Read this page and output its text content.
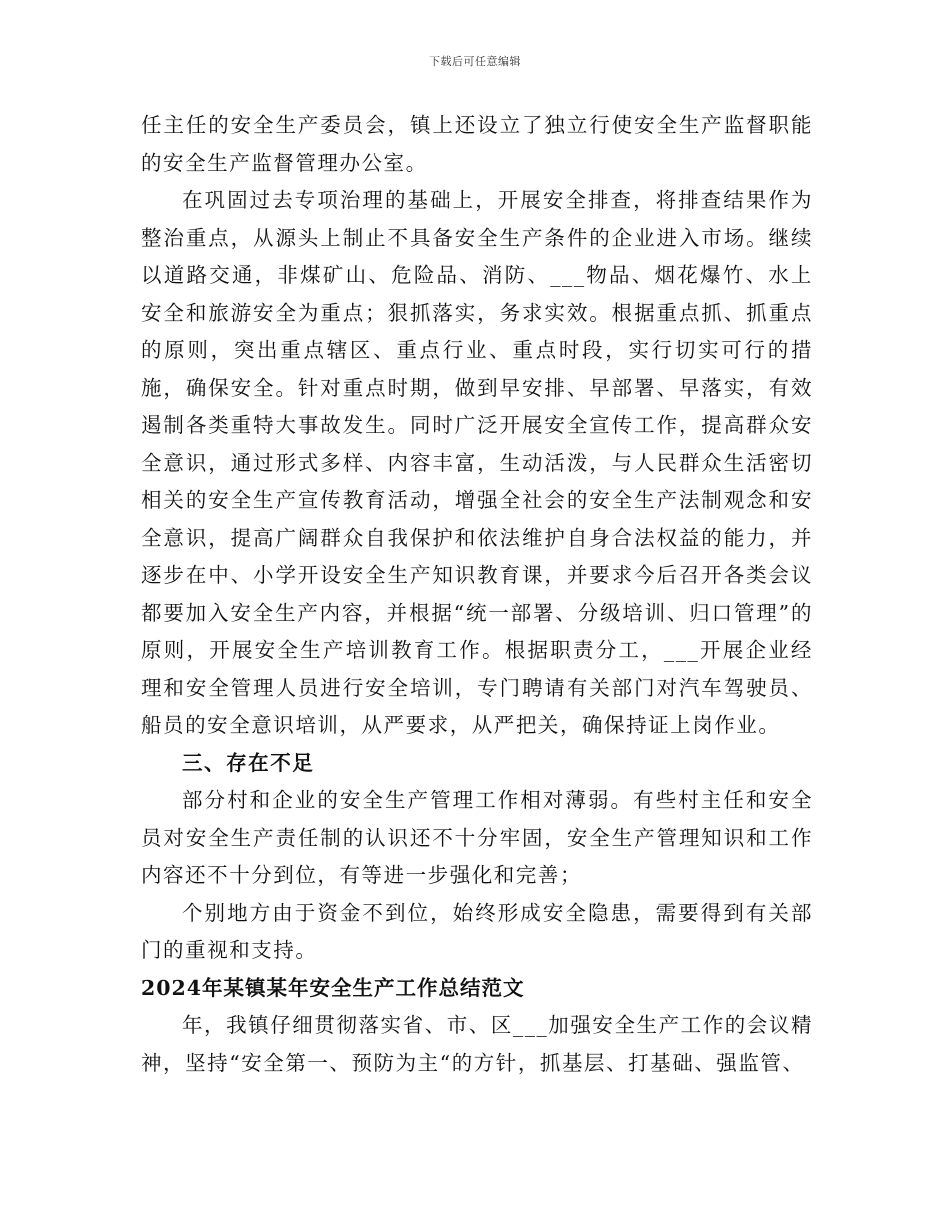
下载后可任意编辑

任主任的安全生产委员会，镇上还设立了独立行使安全生产监督职能的安全生产监督管理办公室。

在巩固过去专项治理的基础上，开展安全排查，将排查结果作为整治重点，从源头上制止不具备安全生产条件的企业进入市场。继续以道路交通，非煤矿山、危险品、消防、___物品、烟花爆竹、水上安全和旅游安全为重点；狠抓落实，务求实效。根据重点抓、抓重点的原则，突出重点辖区、重点行业、重点时段，实行切实可行的措施，确保安全。针对重点时期，做到早安排、早部署、早落实，有效遏制各类重特大事故发生。同时广泛开展安全宣传工作，提高群众安全意识，通过形式多样、内容丰富，生动活泼，与人民群众生活密切相关的安全生产宣传教育活动，增强全社会的安全生产法制观念和安全意识，提高广阔群众自我保护和依法维护自身合法权益的能力，并逐步在中、小学开设安全生产知识教育课，并要求今后召开各类会议都要加入安全生产内容，并根据“统一部署、分级培训、归口管理”的原则，开展安全生产培训教育工作。根据职责分工，___开展企业经理和安全管理人员进行安全培训，专门聘请有关部门对汽车驾驶员、船员的安全意识培训，从严要求，从严把关，确保持证上岗作业。

三、存在不足

部分村和企业的安全生产管理工作相对薄弱。有些村主任和安全员对安全生产责任制的认识还不十分牢固，安全生产管理知识和工作内容还不十分到位，有等进一步强化和完善；

个别地方由于资金不到位，始终形成安全隐患，需要得到有关部门的重视和支持。

2024年某镇某年安全生产工作总结范文

年，我镇仔细贯彻落实省、市、区___加强安全生产工作的会议精神，坚持“安全第一、预防为主“的方针，抓基层、打基础、强监管、
